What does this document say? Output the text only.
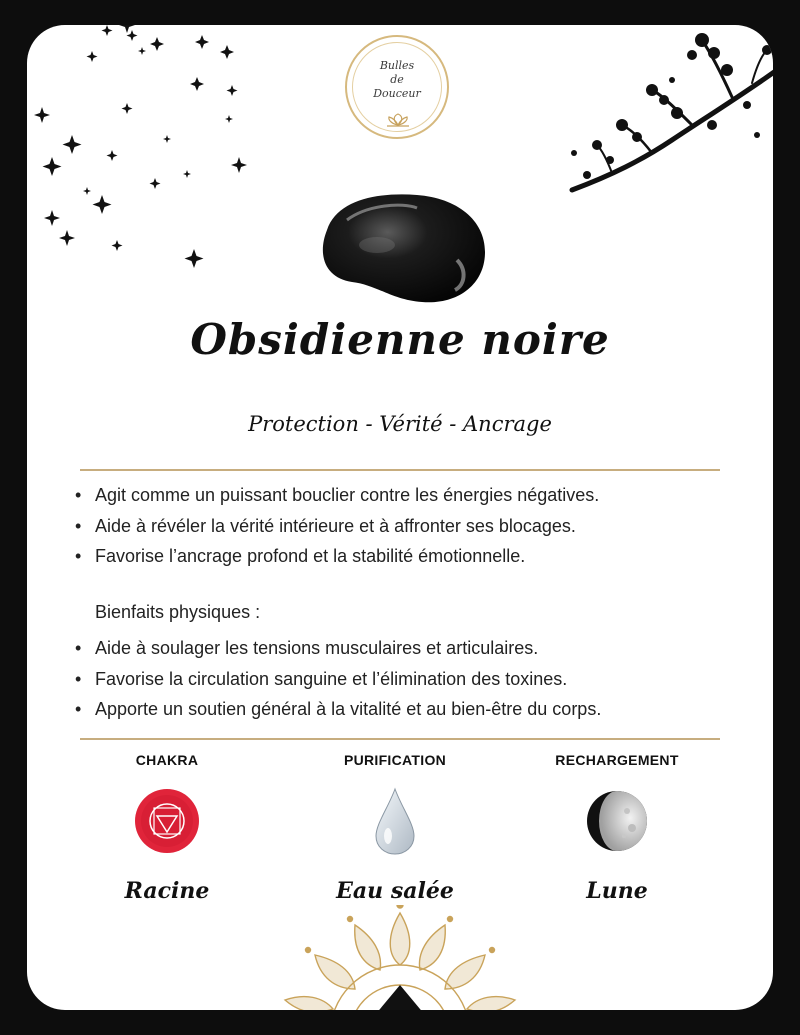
Bulles
de
Douceur
Obsidienne noire
Protection - Vérité - Ancrage
• Agit comme un puissant bouclier contre les énergies négatives.
• Aide à révéler la vérité intérieure et à affronter ses blocages.
• Favorise l’ancrage profond et la stabilité émotionnelle.
Bienfaits physiques :
• Aide à soulager les tensions musculaires et articulaires.
• Favorise la circulation sanguine et l’élimination des toxines.
• Apporte un soutien général à la vitalité et au bien-être du corps.
CHAKRA
Racine
PURIFICATION
Eau salée
RECHARGEMENT
Lune
